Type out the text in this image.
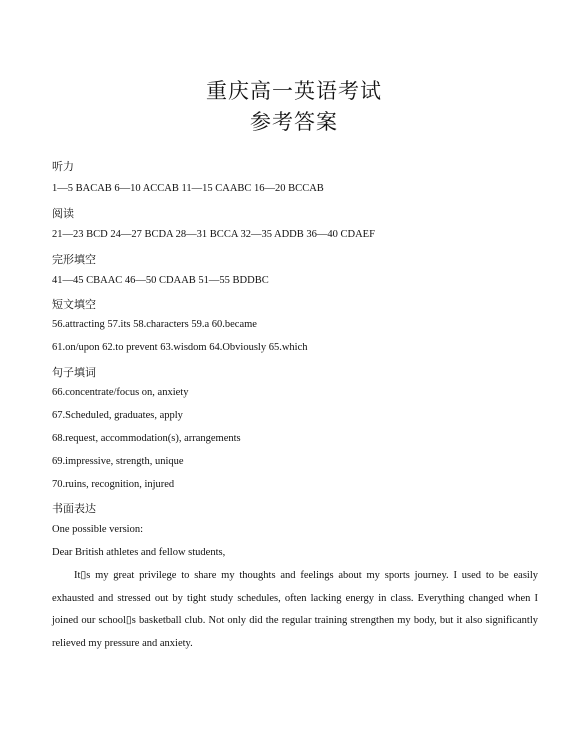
重庆高一英语考试
参考答案
听力
1—5 BACAB 6—10 ACCAB 11—15 CAABC 16—20 BCCAB
阅读
21—23 BCD 24—27 BCDA 28—31 BCCA 32—35 ADDB 36—40 CDAEF
完形填空
41—45 CBAAC 46—50 CDAAB 51—55 BDDBC
短文填空
56.attracting 57.its 58.characters 59.a 60.became
61.on/upon 62.to prevent 63.wisdom 64.Obviously 65.which
句子填词
66.concentrate/focus on, anxiety
67.Scheduled, graduates, apply
68.request, accommodation(s), arrangements
69.impressive, strength, unique
70.ruins, recognition, injured
书面表达
One possible version:
Dear British athletes and fellow students,
It▯s my great privilege to share my thoughts and feelings about my sports journey. I used to be easily exhausted and stressed out by tight study schedules, often lacking energy in class. Everything changed when I joined our school▯s basketball club. Not only did the regular training strengthen my body, but it also significantly relieved my pressure and anxiety.
